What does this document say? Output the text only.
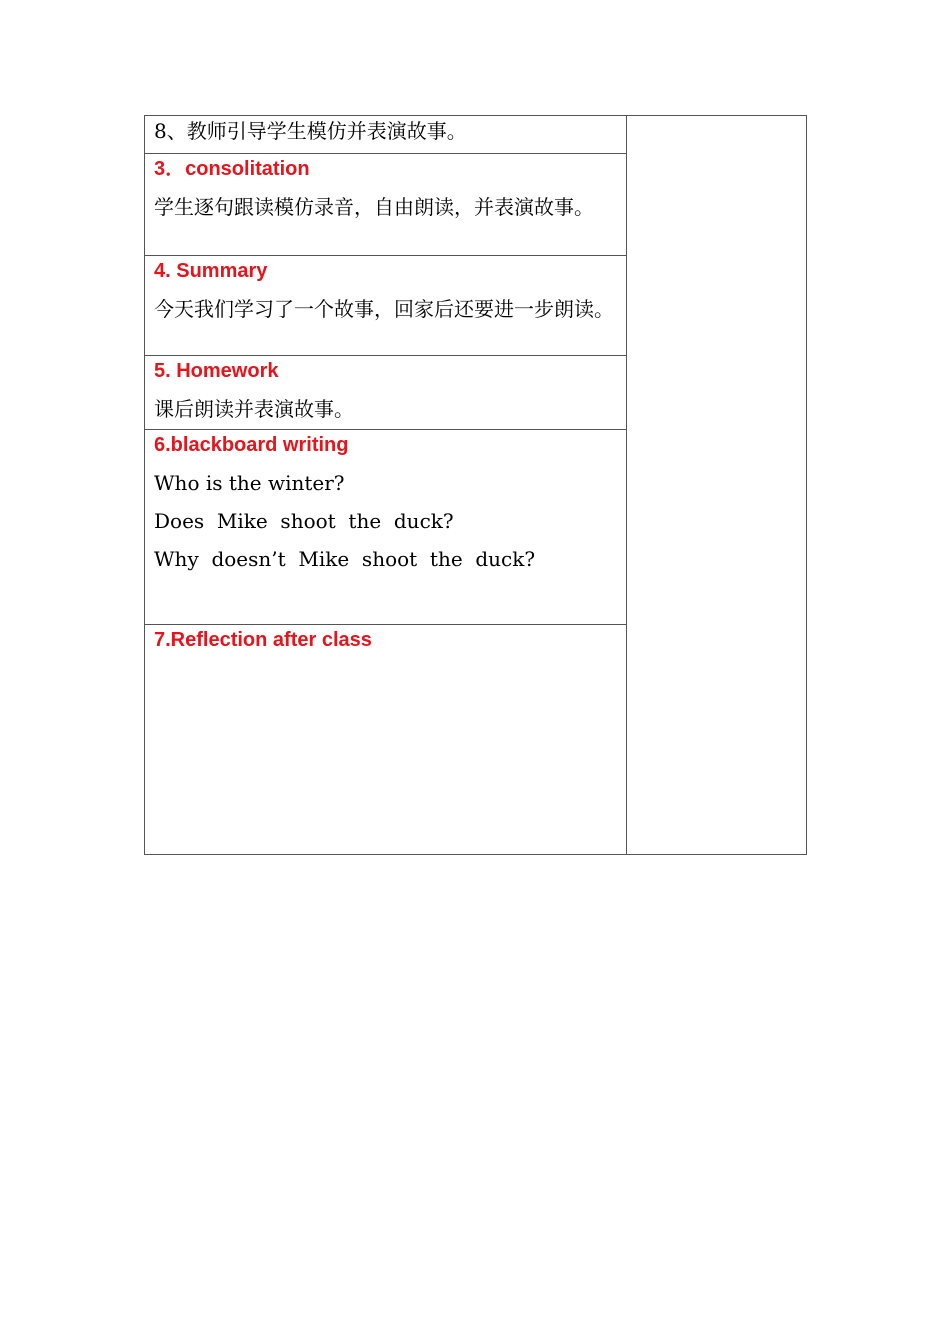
8、教师引导学生模仿并表演故事。

3．consolitation

学生逐句跟读模仿录音，自由朗读，并表演故事。

4. Summary

今天我们学习了一个故事，回家后还要进一步朗读。

5. Homework

课后朗读并表演故事。

6.blackboard writing

Who is the winter?

Does  Mike  shoot  the  duck?

Why  doesn’t  Mike  shoot  the  duck?

7.Reflection after class
